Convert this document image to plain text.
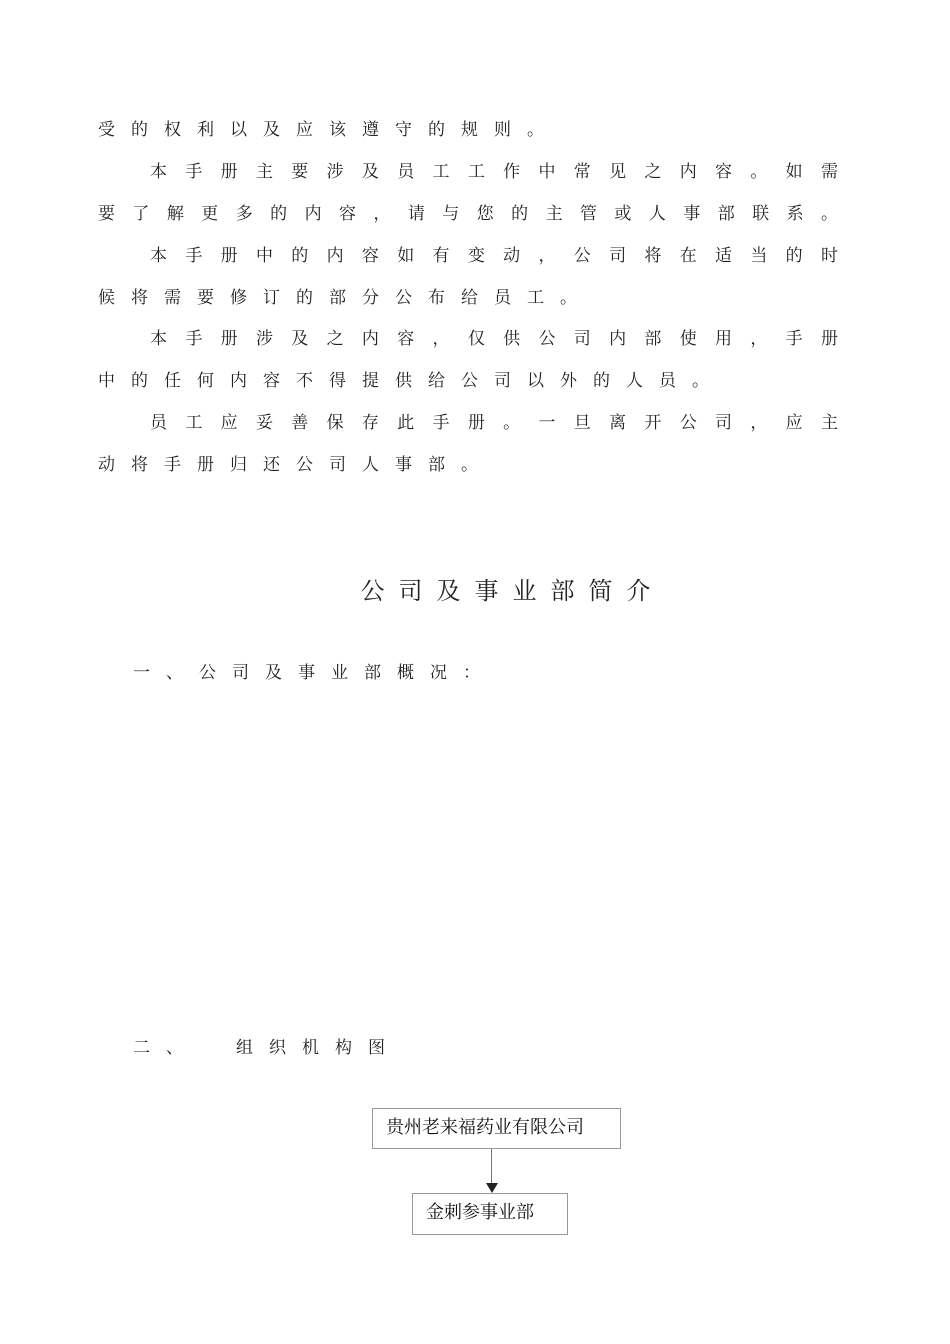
受的权利以及应该遵守的规则。
本手册主要涉及员工工作中常见之内容。如需
要了解更多的内容，请与您的主管或人事部联系。
本手册中的内容如有变动，公司将在适当的时
候将需要修订的部分公布给员工。
本手册涉及之内容，仅供公司内部使用，手册
中的任何内容不得提供给公司以外的人员。
员工应妥善保存此手册。一旦离开公司，应主
动将手册归还公司人事部。
公司及事业部简介
一、公司及事业部概况：
二、 组织机构图
贵州老来福药业有限公司
金刺参事业部
